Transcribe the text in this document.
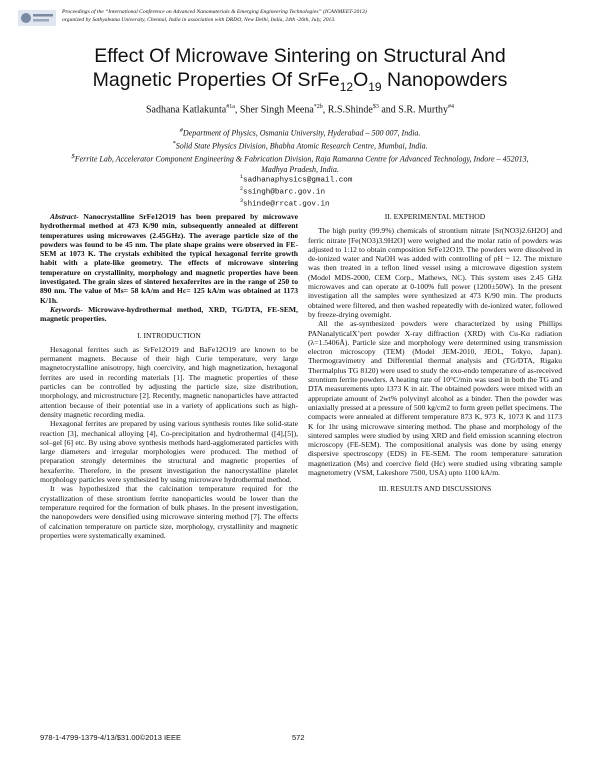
Proceedings of the “International Conference on Advanced Nanomaterials & Emerging Engineering Technologies” (ICANMEET-2013)
organized by Sathyabama University, Chennai, India in association with DRDO, New Delhi, India, 24th -26th, July, 2013.
Effect Of Microwave Sintering on Structural And
Magnetic Properties Of $SrFe_{12}O_{19}$ Nanopowders
Sadhana Katlakunta$^{\#1a}$, Sher Singh Meena$^{*2b}$, R.S.Shinde$^{\$3}$ and S.R. Murthy$^{\#4}$
#Department of Physics, Osmania University, Hyderabad – 500 007, India.
*Solid State Physics Division, Bhabha Atomic Research Centre, Mumbai, India.
$Ferrite Lab, Accelerator Component Engineering & Fabrication Division, Raja Ramanna Centre for Advanced Technology, Indore – 452013, Madhya Pradesh, India.
$^1$sadhanaphysics@gmail.com
$^2$ssingh@barc.gov.in
$^3$shinde@rrcat.gov.in

Abstract- Nanocrystalline SrFe12O19 has been prepared by microwave hydrothermal method at 473 K/90 min, subsequently annealed at different temperatures using microwaves (2.45GHz). The average particle size of the powders was found to be 45 nm. The plate shape grains were observed in FE-SEM at 1073 K. The crystals exhibited the typical hexagonal ferrite growth habit with a plate-like geometry. The effects of microwave sintering temperature on crystallinity, morphology and magnetic properties have been investigated. The grain sizes of sintered hexaferrites are in the range of 250 to 890 nm. The value of Ms= 58 kA/m and Hc= 125 kA/m was obtained at 1173 K/1h.

Keywords- Microwave-hydrothermal method, XRD, TG/DTA, FE-SEM, magnetic properties.

I. INTRODUCTION

Hexagonal ferrites such as SrFe12O19 and BaFe12O19 are known to be permanent magnets. Because of their high Curie temperature, very large magnetocrystalline anisotropy, high coercivity, and high magnetization, hexagonal ferrites are used in recording materials [1]. The magnetic properties of these particles can be controlled by adjusting the particle size, size distribution, morphology, and microstructure [2]. Recently, magnetic nanoparticles have attracted attention because of their potential use in a variety of applications such as high-density magnetic recording media.

Hexagonal ferrites are prepared by using various synthesis routes like solid-state reaction [3], mechanical alloying [4], Co-precipitation and hydrothermal ([4],[5]), sol–gel [6] etc. By using above synthesis methods hard-agglomerated particles with large diameters and irregular morphologies were produced. The method of preparation strongly determines the structural and magnetic properties of hexaferrite. Therefore, in the present investigation the nanocrystalline platelet morphology particles were synthesized by using microwave hydrothermal method.

It was hypothesized that the calcination temperature required for the crystallization of these strontium ferrite nanoparticles would be lower than the temperature required for the formation of bulk phases. In the present investigation, the nanopowders were densified using microwave sintering method [7]. The effects of calcination temperature on particle size, morphology, crystallinity and magnetic properties were systematically examined.

II. EXPERIMENTAL METHOD

The high purity (99.9%) chemicals of strontium nitrate [Sr(NO3)2.6H2O] and ferric nitrate [Fe(NO3)3.9H2O] were weighed and the molar ratio of powders was adjusted to 1:12 to obtain composition SrFe12O19. The powders were dissolved in de-ionized water and NaOH was added with controlling of pH ~ 12. The mixture was then treated in a teflon lined vessel using a microwave digestion system (Model MDS-2000, CEM Corp., Mathews, NC). This system uses 2.45 GHz microwaves and can operate at 0-100% full power (1200±50W). In the present investigation all the samples were synthesized at 473 K/90 min. The products obtained were filtered, and then washed repeatedly with de-ionized water, followed by freeze-drying overnight.

All the as-synthesized powders were characterized by using Phillips PANanalyticalX’pert powder X-ray diffraction (XRD) with Cu-Kα radiation (λ=1.5406Å). Particle size and morphology were determined using transmission electron microscopy (TEM) (Model JEM-2010, JEOL, Tokyo, Japan). Thermogravimetry and Differential thermal analysis and (TG/DTA, Rigaku Thermalplus TG 8120) were used to study the exo-endo temperature of as-received strontium ferrite powders. A heating rate of 10°C/min was used in both the TG and DTA measurements upto 1373 K in air. The obtained powders were mixed with an appropriate amount of 2wt% polyvinyl alcohol as a binder. Then the powder was uniaxially pressed at a pressure of 500 kg/cm2 to form green pellet specimens. The compacts were annealed at different temperature 873 K, 973 K, 1073 K and 1173 K for 1hr using microwave sintering method. The phase and morphology of the sintered samples were studied by using XRD and field emission scanning electron microscopy (FE-SEM). The compositional analysis was done by using energy dispersive spectroscopy (EDS) in FE-SEM. The room temperature saturation magnetization (Ms) and coercive field (Hc) were studied using vibrating sample magnetometry (VSM, Lakeshore 7500, USA) upto 1100 kA/m.

III. RESULTS AND DISCUSSIONS
978-1-4799-1379-4/13/$31.00©2013 IEEE	572
